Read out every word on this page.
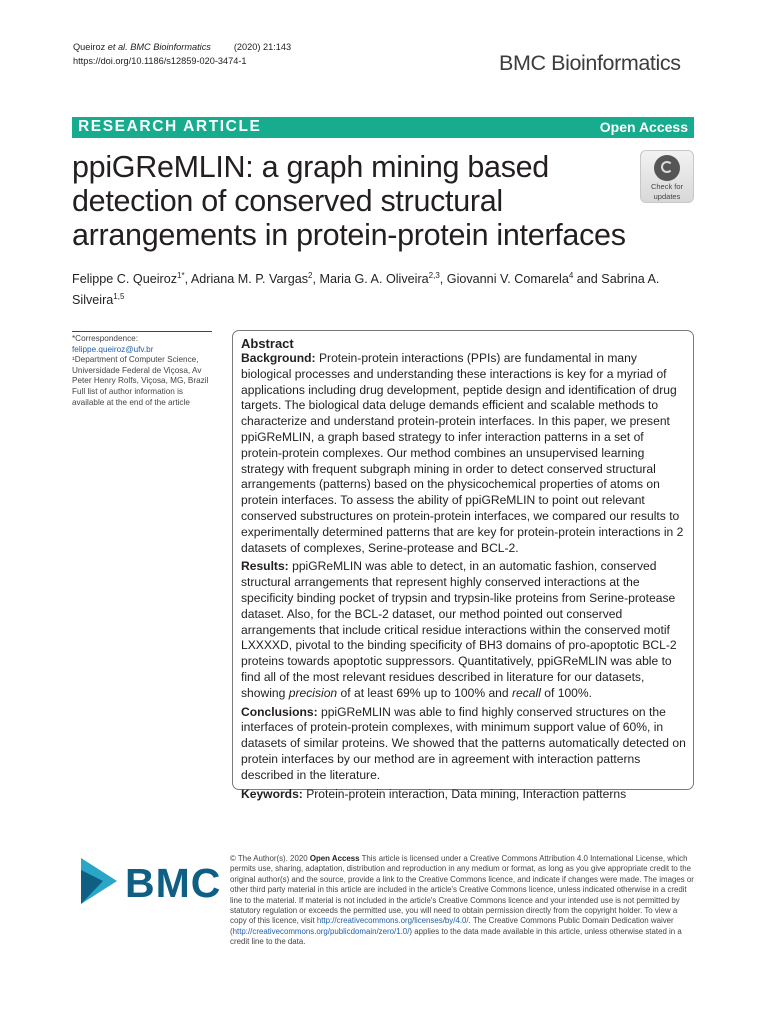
Queiroz et al. BMC Bioinformatics (2020) 21:143
https://doi.org/10.1186/s12859-020-3474-1	BMC Bioinformatics
RESEARCH ARTICLE	Open Access
ppiGReMLIN: a graph mining based detection of conserved structural arrangements in protein-protein interfaces
Check for
updates
Felippe C. Queiroz$^{1*}$, Adriana M. P. Vargas$^2$, Maria G. A. Oliveira$^{2,3}$, Giovanni V. Comarela$^4$ and Sabrina A. Silveira$^{1,5}$
*Correspondence:
felippe.queiroz@ufv.br
¹Department of Computer Science, Universidade Federal de Viçosa, Av Peter Henry Rolfs, Viçosa, MG, Brazil
Full list of author information is available at the end of the article
Abstract

Background: Protein-protein interactions (PPIs) are fundamental in many biological processes and understanding these interactions is key for a myriad of applications including drug development, peptide design and identification of drug targets. The biological data deluge demands efficient and scalable methods to characterize and understand protein-protein interfaces. In this paper, we present ppiGReMLIN, a graph based strategy to infer interaction patterns in a set of protein-protein complexes. Our method combines an unsupervised learning strategy with frequent subgraph mining in order to detect conserved structural arrangements (patterns) based on the physicochemical properties of atoms on protein interfaces. To assess the ability of ppiGReMLIN to point out relevant conserved substructures on protein-protein interfaces, we compared our results to experimentally determined patterns that are key for protein-protein interactions in 2 datasets of complexes, Serine-protease and BCL-2.

Results: ppiGReMLIN was able to detect, in an automatic fashion, conserved structural arrangements that represent highly conserved interactions at the specificity binding pocket of trypsin and trypsin-like proteins from Serine-protease dataset. Also, for the BCL-2 dataset, our method pointed out conserved arrangements that include critical residue interactions within the conserved motif LXXXXD, pivotal to the binding specificity of BH3 domains of pro-apoptotic BCL-2 proteins towards apoptotic suppressors. Quantitatively, ppiGReMLIN was able to find all of the most relevant residues described in literature for our datasets, showing precision of at least 69% up to 100% and recall of 100%.

Conclusions: ppiGReMLIN was able to find highly conserved structures on the interfaces of protein-protein complexes, with minimum support value of 60%, in datasets of similar proteins. We showed that the patterns automatically detected on protein interfaces by our method are in agreement with interaction patterns described in the literature.

Keywords: Protein-protein interaction, Data mining, Interaction patterns

BMC
© The Author(s). 2020 Open Access This article is licensed under a Creative Commons Attribution 4.0 International License, which permits use, sharing, adaptation, distribution and reproduction in any medium or format, as long as you give appropriate credit to the original author(s) and the source, provide a link to the Creative Commons licence, and indicate if changes were made. The images or other third party material in this article are included in the article's Creative Commons licence, unless indicated otherwise in a credit line to the material. If material is not included in the article's Creative Commons licence and your intended use is not permitted by statutory regulation or exceeds the permitted use, you will need to obtain permission directly from the copyright holder. To view a copy of this licence, visit http://creativecommons.org/licenses/by/4.0/. The Creative Commons Public Domain Dedication waiver (http://creativecommons.org/publicdomain/zero/1.0/) applies to the data made available in this article, unless otherwise stated in a credit line to the data.
